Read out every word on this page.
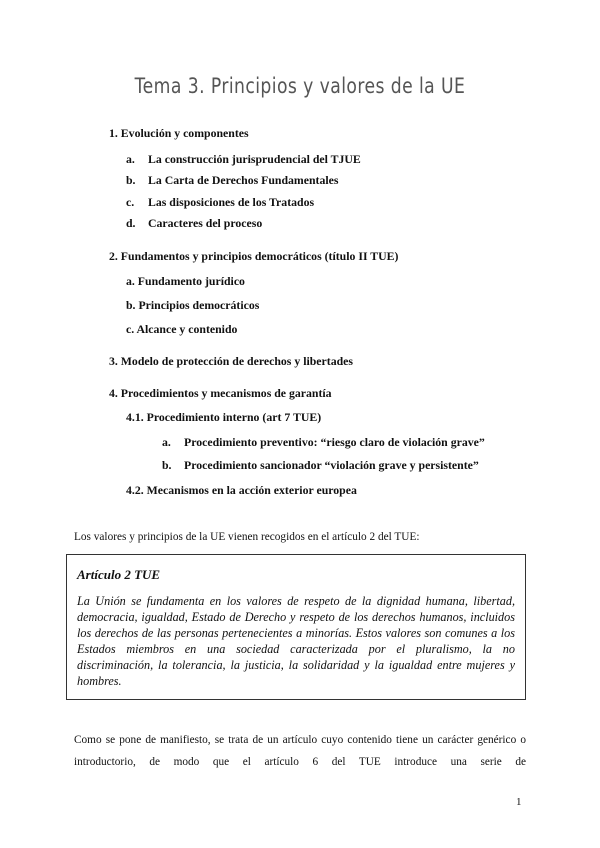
Tema 3. Principios y valores de la UE
1. Evolución y componentes
a. La construcción jurisprudencial del TJUE
b. La Carta de Derechos Fundamentales
c. Las disposiciones de los Tratados
d. Caracteres del proceso
2. Fundamentos y principios democráticos (título II TUE)
a. Fundamento jurídico
b. Principios democráticos
c. Alcance y contenido
3. Modelo de protección de derechos y libertades
4. Procedimientos y mecanismos de garantía
4.1. Procedimiento interno (art 7 TUE)
a. Procedimiento preventivo: “riesgo claro de violación grave”
b. Procedimiento sancionador “violación grave y persistente”
4.2. Mecanismos en la acción exterior europea
Los valores y principios de la UE vienen recogidos en el artículo 2 del TUE:
Artículo 2 TUE
La Unión se fundamenta en los valores de respeto de la dignidad humana, libertad, democracia, igualdad, Estado de Derecho y respeto de los derechos humanos, incluidos los derechos de las personas pertenecientes a minorías. Estos valores son comunes a los Estados miembros en una sociedad caracterizada por el pluralismo, la no discriminación, la tolerancia, la justicia, la solidaridad y la igualdad entre mujeres y hombres.
Como se pone de manifiesto, se trata de un artículo cuyo contenido tiene un carácter genérico o introductorio, de modo que el artículo 6 del TUE introduce una serie de
1
